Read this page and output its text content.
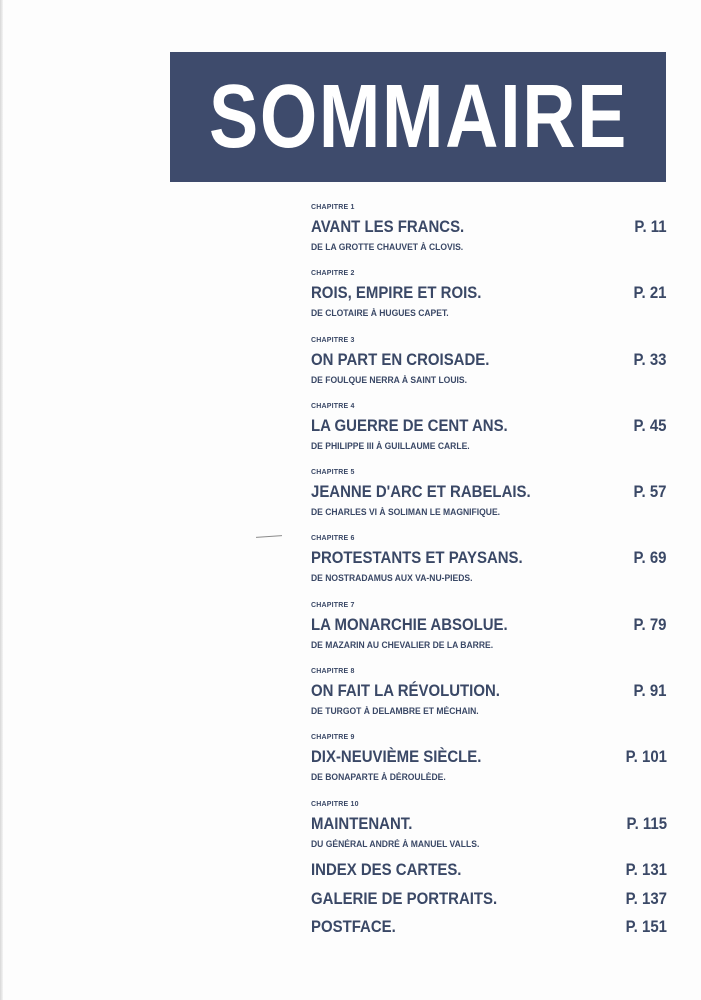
SOMMAIRE
CHAPITRE 1
AVANT LES FRANCS.	P. 11
DE LA GROTTE CHAUVET À CLOVIS.
CHAPITRE 2
ROIS, EMPIRE ET ROIS.	P. 21
DE CLOTAIRE À HUGUES CAPET.
CHAPITRE 3
ON PART EN CROISADE.	P. 33
DE FOULQUE NERRA À SAINT LOUIS.
CHAPITRE 4
LA GUERRE DE CENT ANS.	P. 45
DE PHILIPPE III À GUILLAUME CARLE.
CHAPITRE 5
JEANNE D'ARC ET RABELAIS.	P. 57
DE CHARLES VI À SOLIMAN LE MAGNIFIQUE.
CHAPITRE 6
PROTESTANTS ET PAYSANS.	P. 69
DE NOSTRADAMUS AUX VA-NU-PIEDS.
CHAPITRE 7
LA MONARCHIE ABSOLUE.	P. 79
DE MAZARIN AU CHEVALIER DE LA BARRE.
CHAPITRE 8
ON FAIT LA RÉVOLUTION.	P. 91
DE TURGOT À DELAMBRE ET MÉCHAIN.
CHAPITRE 9
DIX-NEUVIÈME SIÈCLE.	P. 101
DE BONAPARTE À DÉROULÈDE.
CHAPITRE 10
MAINTENANT.	P. 115
DU GÉNÉRAL ANDRÉ À MANUEL VALLS.
INDEX DES CARTES.	P. 131
GALERIE DE PORTRAITS.	P. 137
POSTFACE.	P. 151
